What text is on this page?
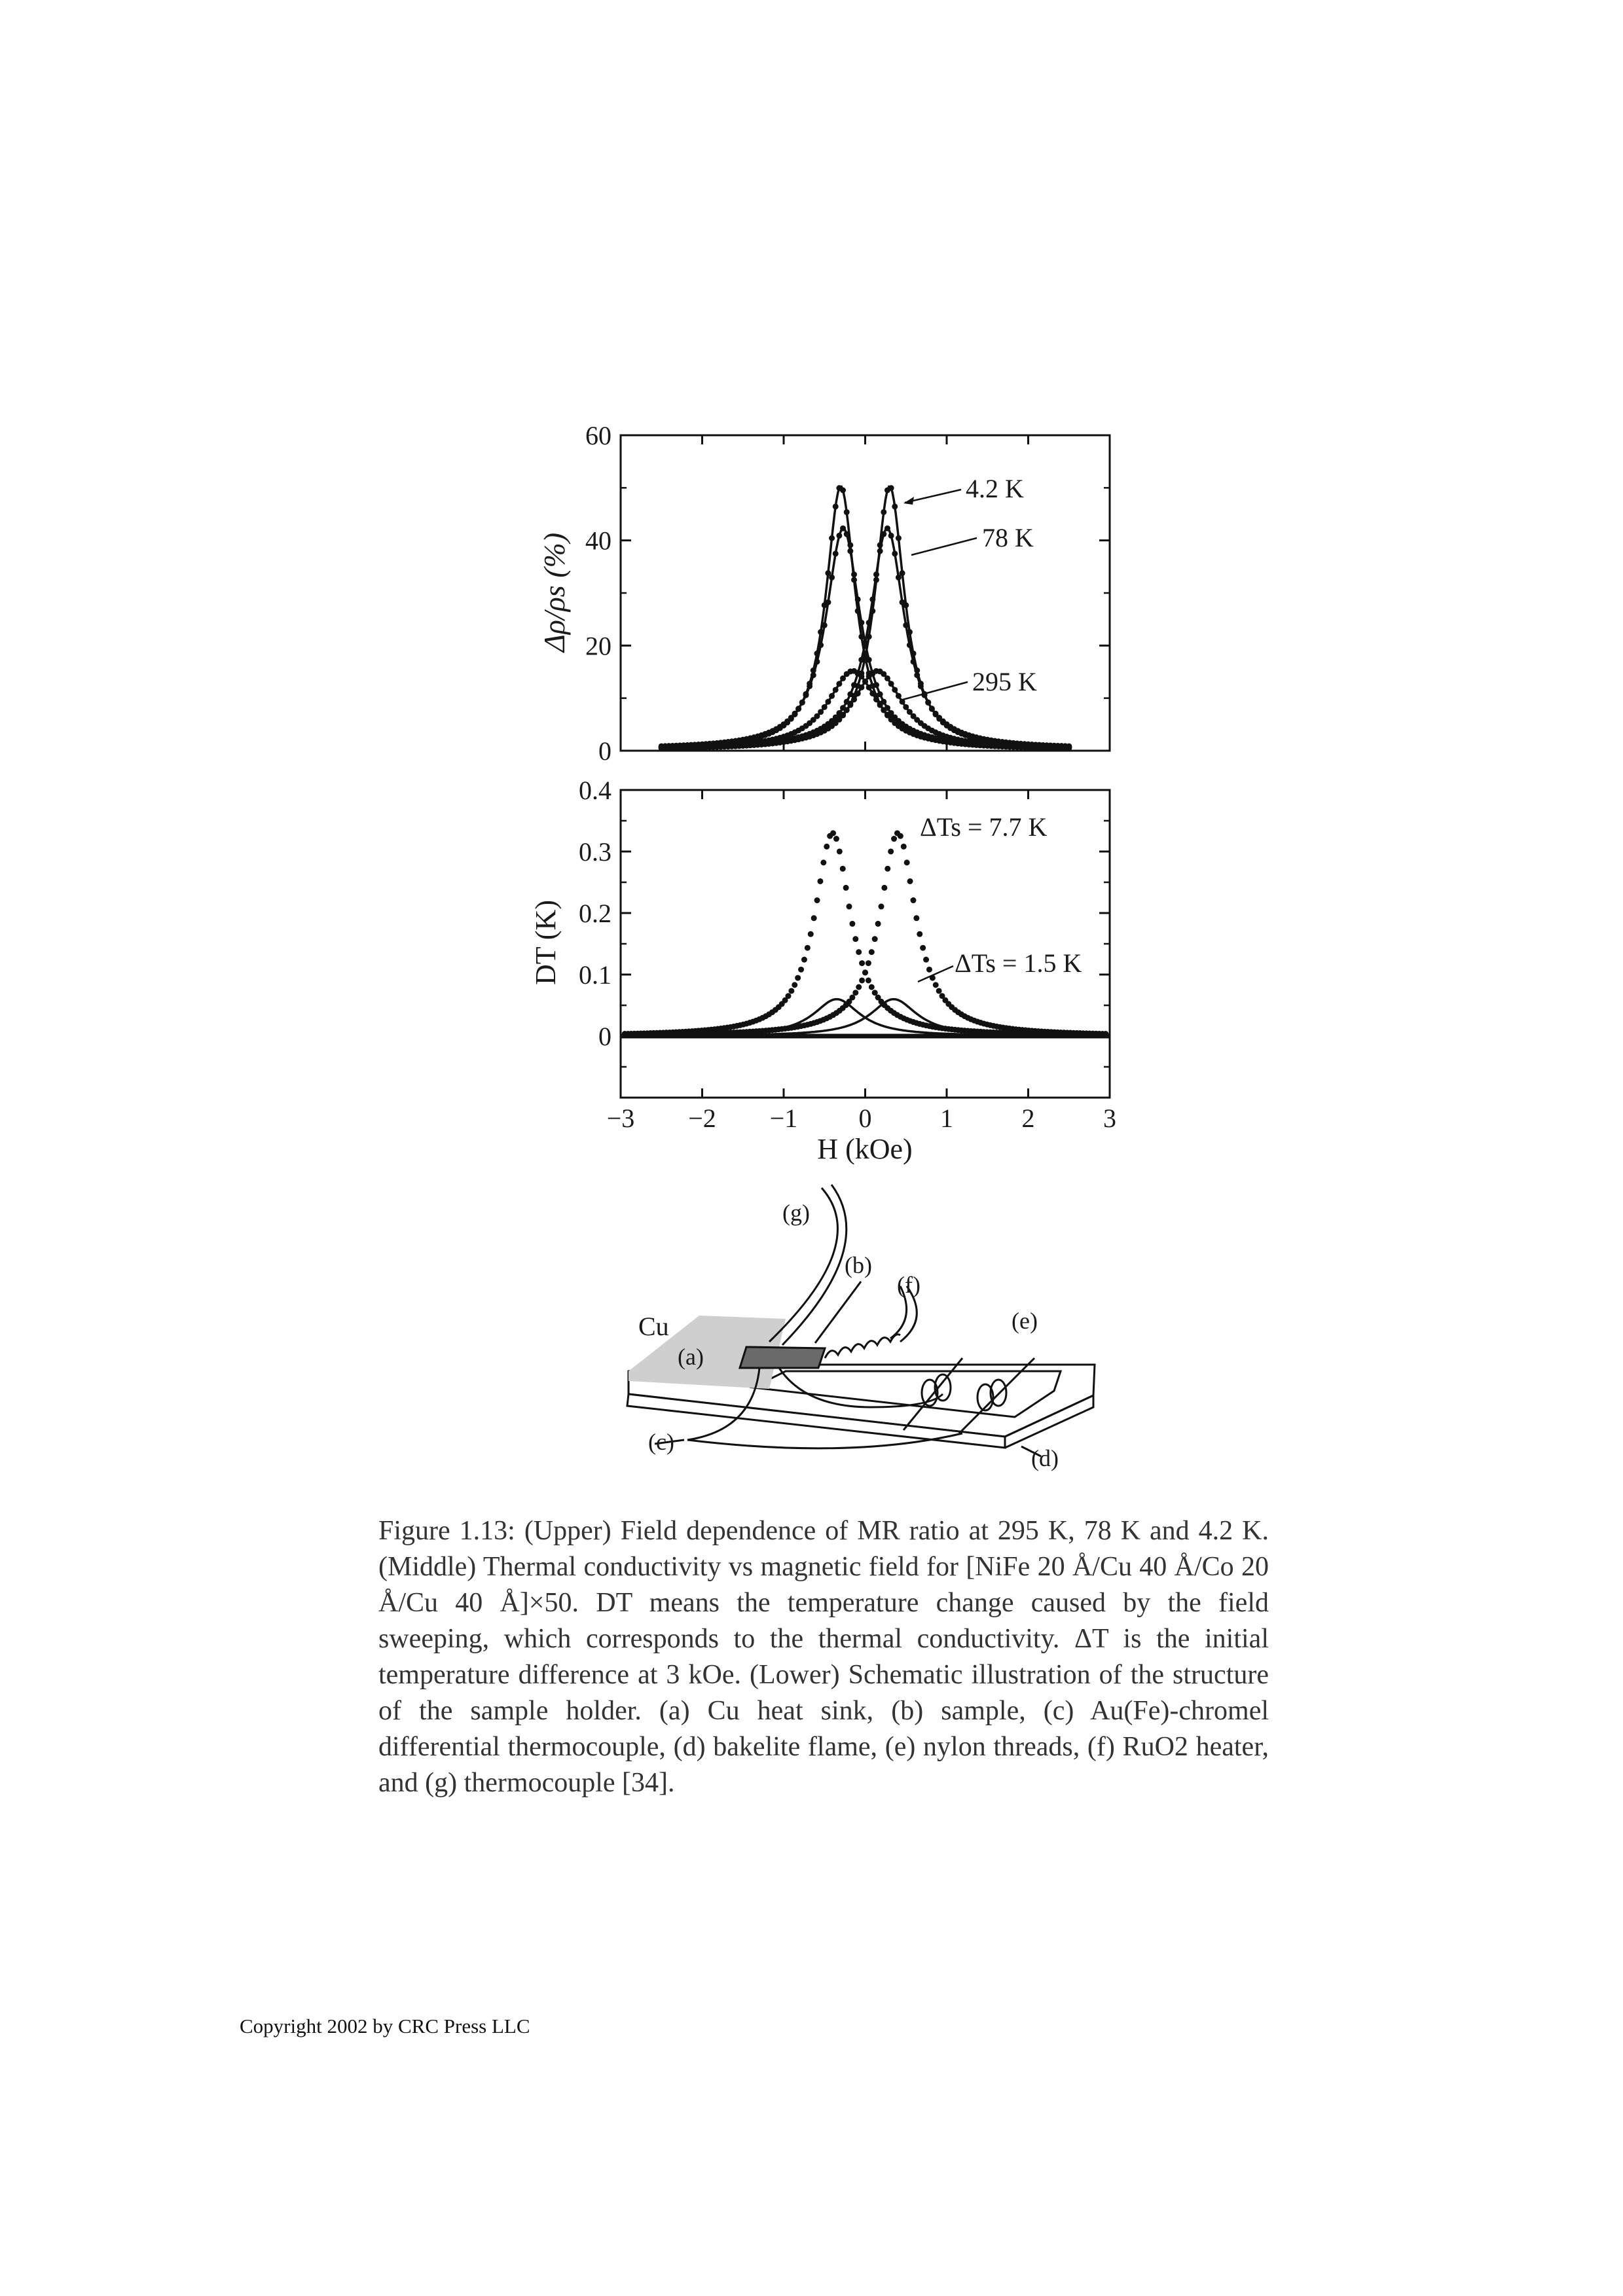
0
20
40
60
0
0.1
0.2
0.3
0.4
−3 −2 −1 0	1	2	3
Δρ/ρs (%)
DT (K)
H (kOe)
4.2 K
78 K
295 K
ΔTs = 7.7 K
ΔTs = 1.5 K
Cu
(a)
(b)
(c)
(d)
(e)
(f)
(g)
Figure 1.13: (Upper) Field dependence of MR ratio at 295 K, 78 K and 4.2 K. (Middle) Thermal conductivity vs magnetic field for [NiFe 20 Å/Cu 40 Å/Co 20 Å/Cu 40 Å]×50. DT means the temperature change caused by the field sweeping, which corresponds to the thermal conductivity. ΔT is the initial temperature difference at 3 kOe. (Lower) Schematic illustration of the structure of the sample holder. (a) Cu heat sink, (b) sample, (c) Au(Fe)-chromel differential thermocouple, (d) bakelite flame, (e) nylon threads, (f) RuO2 heater, and (g) thermocouple [34].
Copyright 2002 by CRC Press LLC
